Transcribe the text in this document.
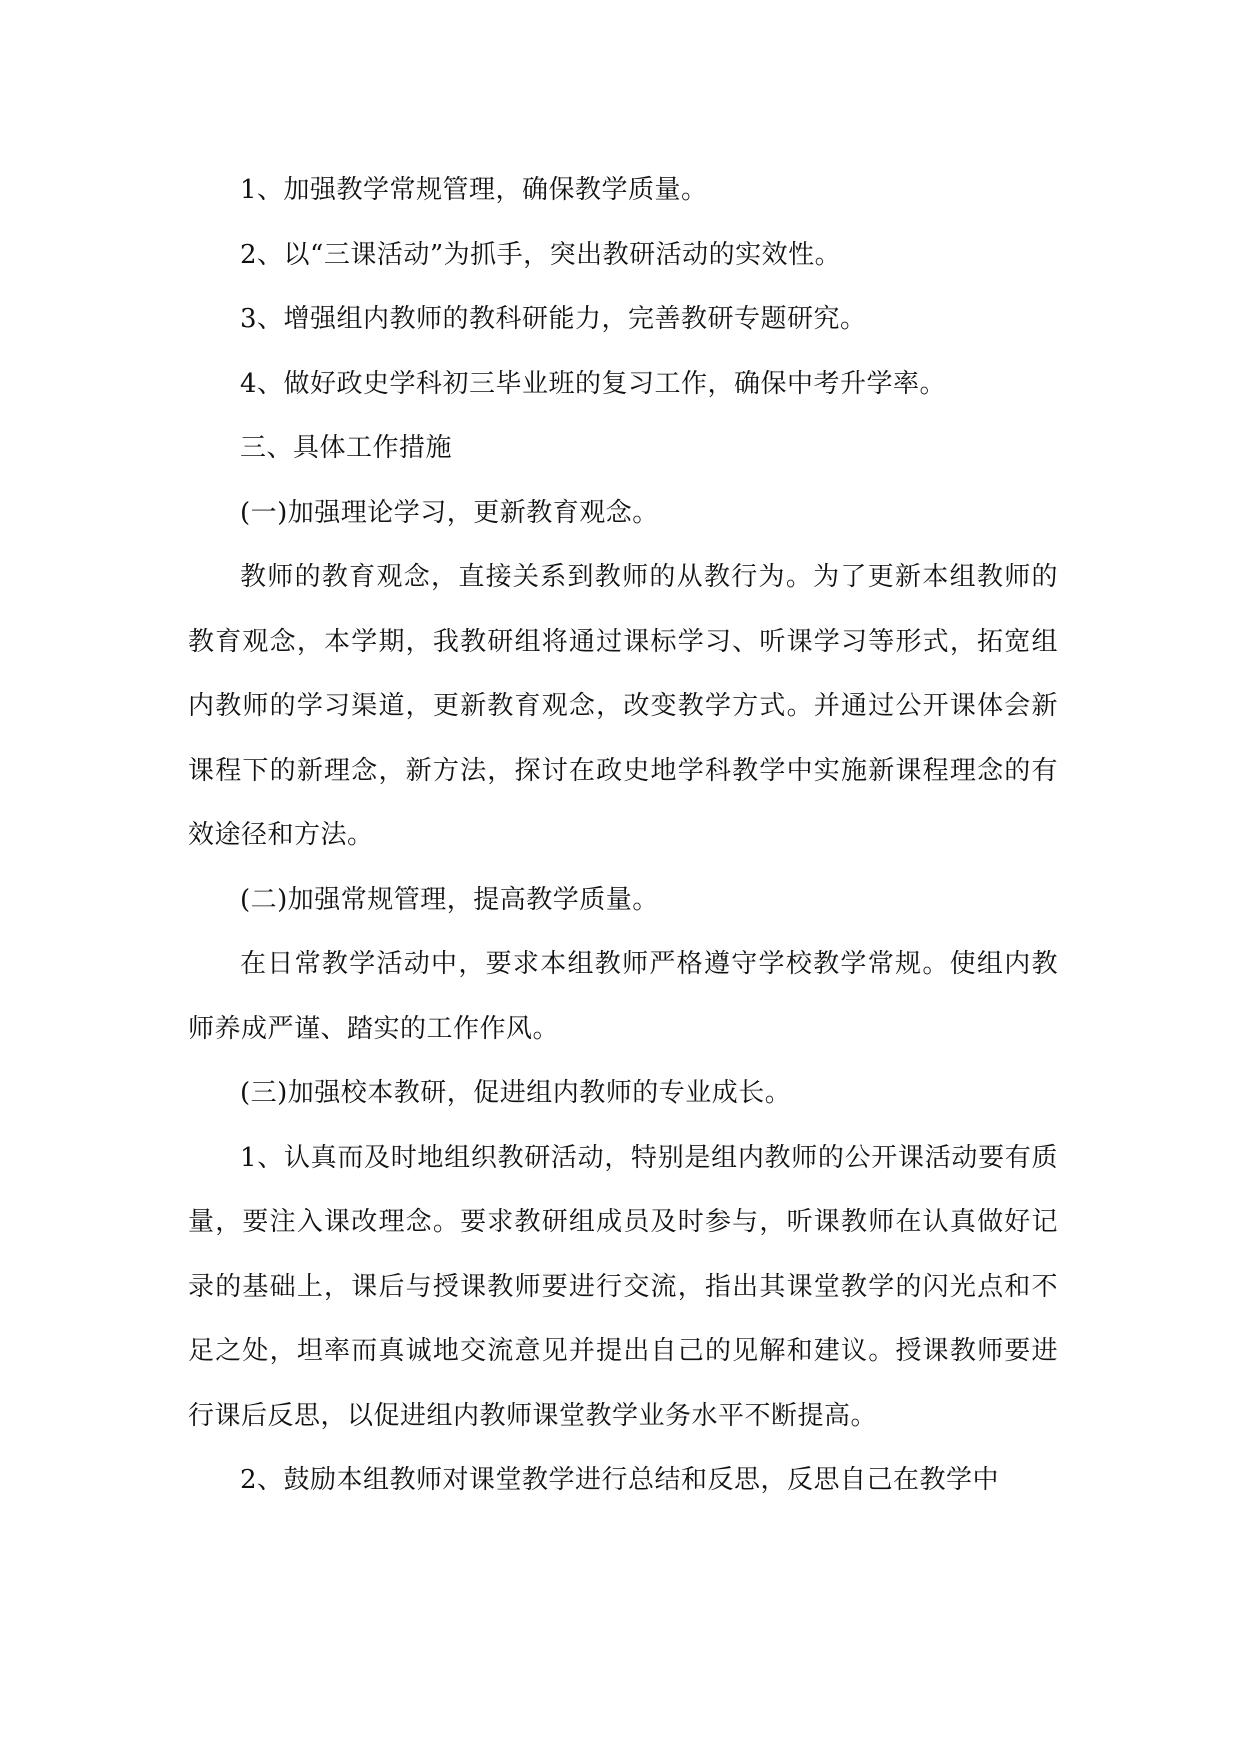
1、加强教学常规管理，确保教学质量。

2、以“三课活动”为抓手，突出教研活动的实效性。

3、增强组内教师的教科研能力，完善教研专题研究。

4、做好政史学科初三毕业班的复习工作，确保中考升学率。

三、具体工作措施

(一)加强理论学习，更新教育观念。

教师的教育观念，直接关系到教师的从教行为。为了更新本组教师的教育观念，本学期，我教研组将通过课标学习、听课学习等形式，拓宽组内教师的学习渠道，更新教育观念，改变教学方式。并通过公开课体会新课程下的新理念，新方法，探讨在政史地学科教学中实施新课程理念的有效途径和方法。

(二)加强常规管理，提高教学质量。

在日常教学活动中，要求本组教师严格遵守学校教学常规。使组内教师养成严谨、踏实的工作作风。

(三)加强校本教研，促进组内教师的专业成长。

1、认真而及时地组织教研活动，特别是组内教师的公开课活动要有质量，要注入课改理念。要求教研组成员及时参与，听课教师在认真做好记录的基础上，课后与授课教师要进行交流，指出其课堂教学的闪光点和不足之处，坦率而真诚地交流意见并提出自己的见解和建议。授课教师要进行课后反思，以促进组内教师课堂教学业务水平不断提高。

2、鼓励本组教师对课堂教学进行总结和反思，反思自己在教学中
